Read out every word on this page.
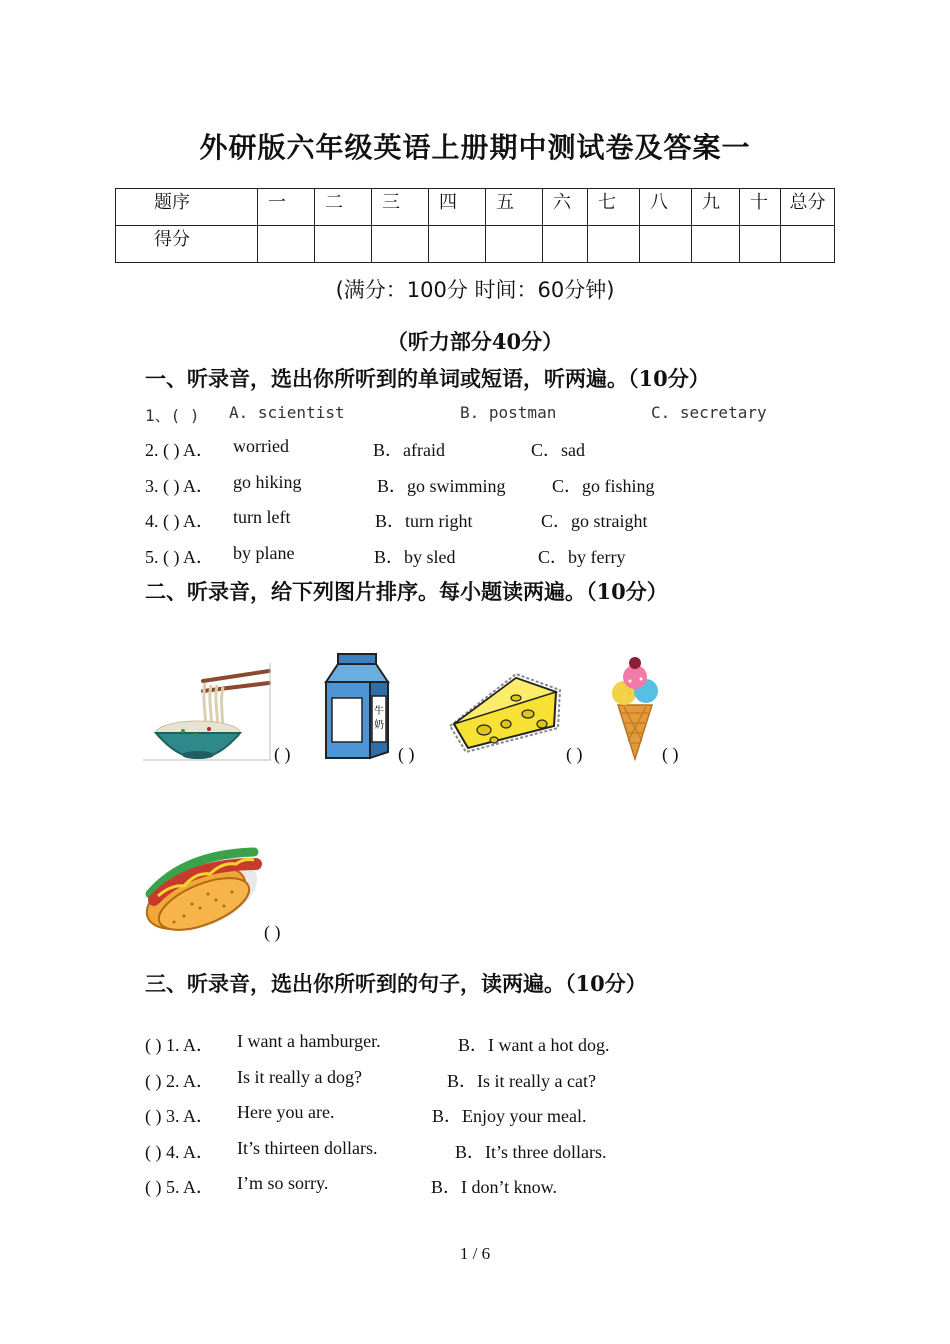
外研版六年级英语上册期中测试卷及答案一
题序	一	二	三	四	五	六	七	八	九	十	总分
得分											
(满分：100分 时间：60分钟)
（听力部分40分）
一、听录音，选出你所听到的单词或短语，听两遍。（10分）
1、( ) A. scientist	B. postman	C. secretary
2. ( ) A． worried	B．afraid	C．sad
3. ( ) A． go hiking	B．go swimming	C．go fishing
4. ( ) A． turn left	B．turn right	C．go straight
5. ( ) A． by plane	B．by sled	C．by ferry
二、听录音，给下列图片排序。每小题读两遍。（10分）
( )
牛
奶
( )	( )	( )
( )
三、听录音，选出你所听到的句子，读两遍。（10分）
( ) 1. A． I want a hamburger.	B．I want a hot dog.
( ) 2. A． Is it really a dog?	B．Is it really a cat?
( ) 3. A． Here you are.	B．Enjoy your meal.
( ) 4. A． It’s thirteen dollars.	B．It’s three dollars.
( ) 5. A． I’m so sorry.	B．I don’t know.
1 / 6
